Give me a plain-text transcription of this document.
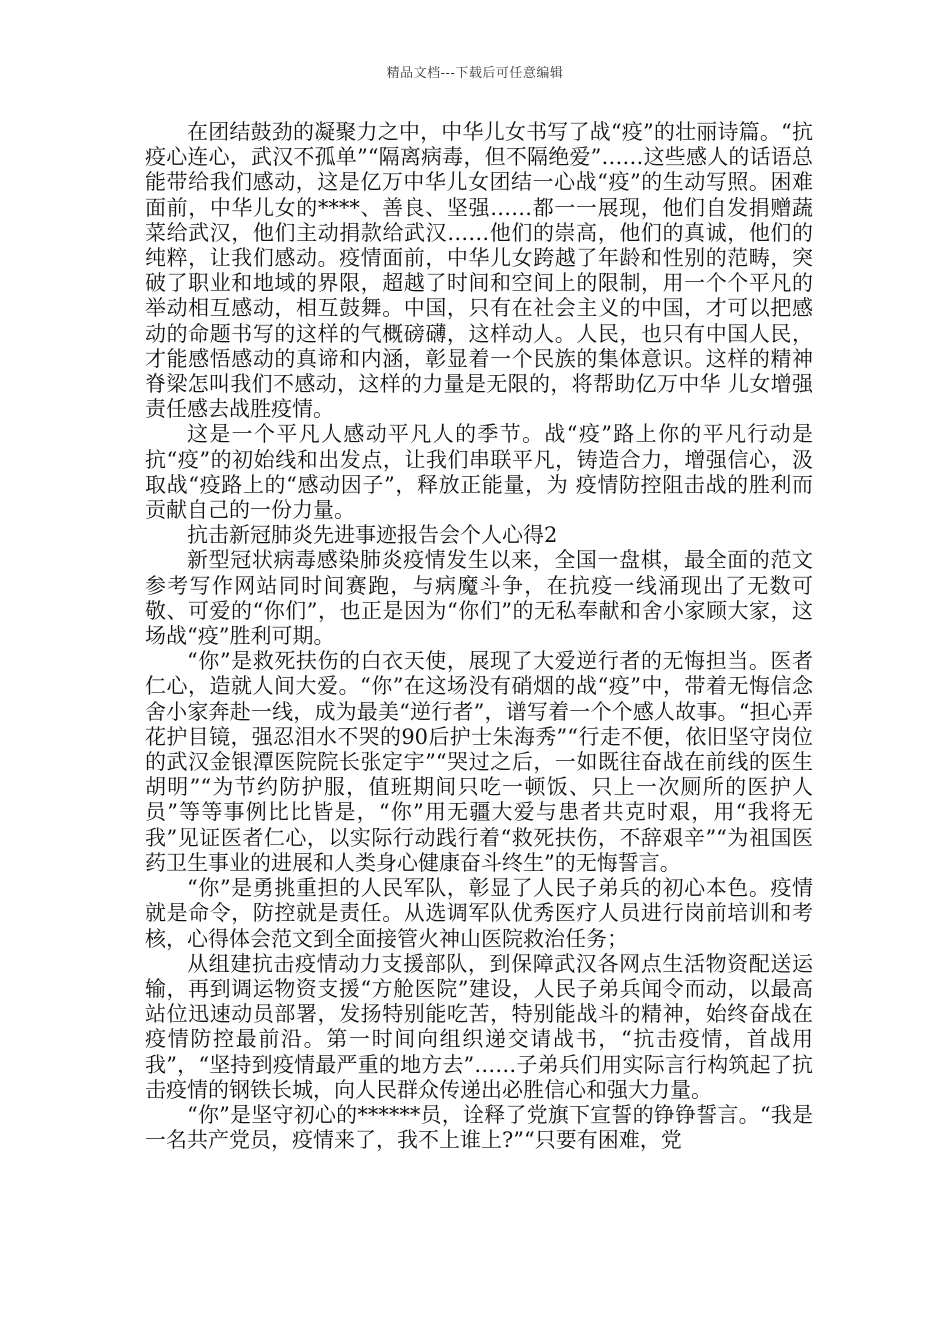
精品文档---下载后可任意编辑

在团结鼓劲的凝聚力之中，中华儿女书写了战“疫”的壮丽诗篇。“抗疫心连心，武汉不孤单”“隔离病毒，但不隔绝爱”……这些感人的话语总能带给我们感动，这是亿万中华儿女团结一心战“疫”的生动写照。困难面前，中华儿女的****、善良、坚强……都一一展现，他们自发捐赠蔬菜给武汉，他们主动捐款给武汉……他们的崇高，他们的真诚，他们的纯粹，让我们感动。疫情面前，中华儿女跨越了年龄和性别的范畴，突破了职业和地域的界限，超越了时间和空间上的限制，用一个个平凡的举动相互感动，相互鼓舞。中国，只有在社会主义的中国，才可以把感动的命题书写的这样的气概磅礴，这样动人。人民，也只有中国人民，才能感悟感动的真谛和内涵，彰显着一个民族的集体意识。这样的精神脊梁怎叫我们不感动，这样的力量是无限的，将帮助亿万中华 儿女增强责任感去战胜疫情。

这是一个平凡人感动平凡人的季节。战“疫”路上你的平凡行动是抗“疫”的初始线和出发点，让我们串联平凡，铸造合力，增强信心，汲取战“疫路上的“感动因子”，释放正能量，为 疫情防控阻击战的胜利而贡献自己的一份力量。

抗击新冠肺炎先进事迹报告会个人心得2

新型冠状病毒感染肺炎疫情发生以来，全国一盘棋，最全面的范文参考写作网站同时间赛跑，与病魔斗争，在抗疫一线涌现出了无数可敬、可爱的“你们”，也正是因为“你们”的无私奉献和舍小家顾大家，这场战“疫”胜利可期。

“你”是救死扶伤的白衣天使，展现了大爱逆行者的无悔担当。医者仁心，造就人间大爱。“你”在这场没有硝烟的战“疫”中，带着无悔信念舍小家奔赴一线，成为最美“逆行者”，谱写着一个个感人故事。“担心弄花护目镜，强忍泪水不哭的90后护士朱海秀”“行走不便，依旧坚守岗位的武汉金银潭医院院长张定宇”“哭过之后，一如既往奋战在前线的医生胡明”“为节约防护服，值班期间只吃一顿饭、只上一次厕所的医护人员”等等事例比比皆是，“你”用无疆大爱与患者共克时艰，用“我将无我”见证医者仁心，以实际行动践行着“救死扶伤，不辞艰辛”“为祖国医药卫生事业的进展和人类身心健康奋斗终生”的无悔誓言。

“你”是勇挑重担的人民军队，彰显了人民子弟兵的初心本色。疫情就是命令，防控就是责任。从选调军队优秀医疗人员进行岗前培训和考核，心得体会范文到全面接管火神山医院救治任务；

从组建抗击疫情动力支援部队，到保障武汉各网点生活物资配送运输，再到调运物资支援“方舱医院”建设，人民子弟兵闻令而动，以最高站位迅速动员部署，发扬特别能吃苦，特别能战斗的精神，始终奋战在疫情防控最前沿。第一时间向组织递交请战书，“抗击疫情，首战用我”，“坚持到疫情最严重的地方去”……子弟兵们用实际言行构筑起了抗击疫情的钢铁长城，向人民群众传递出必胜信心和强大力量。

“你”是坚守初心的******员，诠释了党旗下宣誓的铮铮誓言。“我是一名共产党员，疫情来了，我不上谁上?”“只要有困难，党
